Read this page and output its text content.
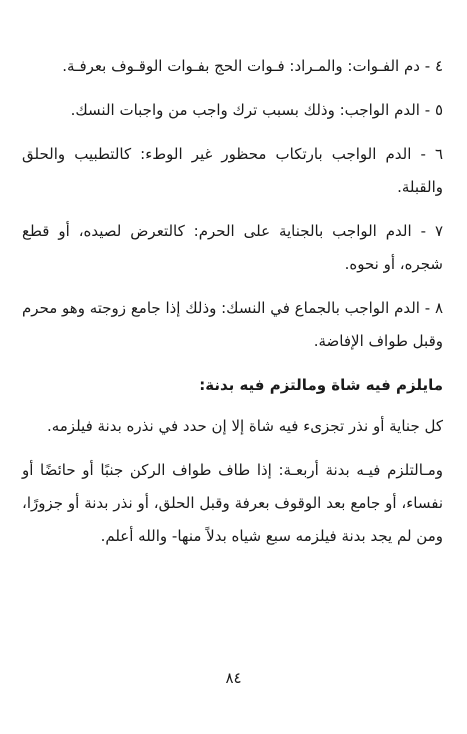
٤ - دم الفـوات: والمـراد: فـوات الحج بفـوات الوقـوف بعرفـة.

٥ - الدم الواجب: وذلك بسبب ترك واجب من واجبات النسك.

٦ - الدم الواجب بارتكاب محظور غير الوطء: كالتطبيب والحلق والقبلة.

٧ - الدم الواجب بالجناية على الحرم: كالتعرض لصيده، أو قطع شجره، أو نحوه.

٨ - الدم الواجب بالجماع في النسك: وذلك إذا جامع زوجته وهو محرم وقبل طواف الإفاضة.

مايلزم فيه شاة ومالتزم فيه بدنة:

كل جناية أو نذر تجزىء فيه شاة إلا إن حدد في نذره بدنة فيلزمه.

ومـالتلزم فيـه بدنة أربعـة: إذا طاف طواف الركن جنبًا أو حائضًا أو نفساء، أو جامع بعد الوقوف بعرفة وقبل الحلق، أو نذر بدنة أو جزورًا، ومن لم يجد بدنة فيلزمه سبع شياه بدلاً منها- والله أعلم.

٨٤
